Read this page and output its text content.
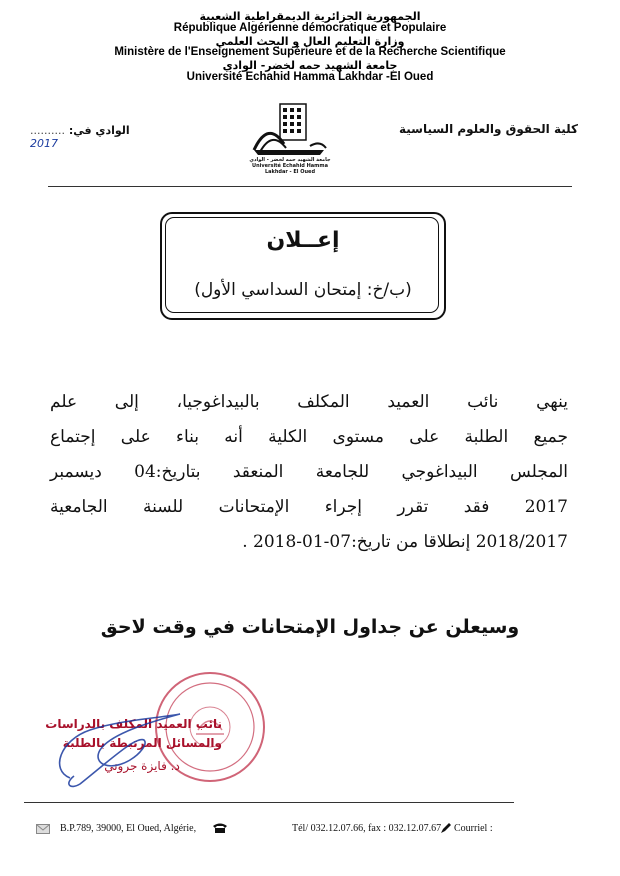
الجمهورية الجزائرية الديمقراطية الشعبية
République Algérienne démocratique et Populaire
وزارة التعليم العال و البحث العلمي
Ministère de l'Enseignement Supérieure et de la Recherche Scientifique
جامعة الشهيد حمه لخضر- الوادي
Université Echahid Hamma Lakhdar -El Oued
كلية الحقوق والعلوم السياسية
الوادي في: .......... 2017
جامعة الشهيد حمه لخضر - الوادي Université Echahid Hamma Lakhdar - El Oued
إعــلان
(ب/خ: إمتحان السداسي الأول)
ينهي نائب العميد المكلف بالبيداغوجيا، إلى علم
جميع الطلبة على مستوى الكلية أنه بناء على إجتماع
المجلس البيداغوجي للجامعة المنعقد بتاريخ:04 ديسمبر
2017 فقد تقرر إجراء الإمتحانات للسنة الجامعية
2018/2017 إنطلاقا من تاريخ:07-01-2018 .
وسيعلن عن جداول الإمتحانات في وقت لاحق
نائب العميد المكلف بالدراسات
والمسائل المرتبطة بالطلبة
د. فايزة جروني
B.P.789, 39000, El Oued, Algérie,	Tél/ 032.12.07.66, fax : 032.12.07.67 Courriel :
